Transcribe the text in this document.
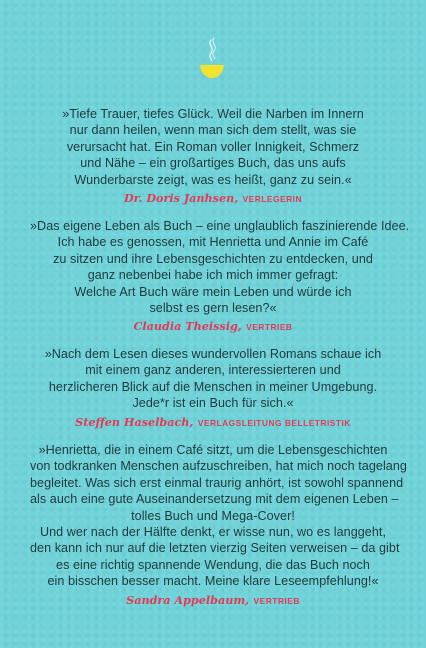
»Tiefe Trauer, tiefes Glück. Weil die Narben im Innern
nur dann heilen, wenn man sich dem stellt, was sie
verursacht hat. Ein Roman voller Innigkeit, Schmerz
und Nähe – ein großartiges Buch, das uns aufs
Wunderbarste zeigt, was es heißt, ganz zu sein.«

Dr. Doris Janhsen, VERLEGERIN

»Das eigene Leben als Buch – eine unglaublich faszinierende Idee.
Ich habe es genossen, mit Henrietta und Annie im Café
zu sitzen und ihre Lebensgeschichten zu entdecken, und
ganz nebenbei habe ich mich immer gefragt:
Welche Art Buch wäre mein Leben und würde ich
selbst es gern lesen?«

Claudia Theissig, VERTRIEB

»Nach dem Lesen dieses wundervollen Romans schaue ich
mit einem ganz anderen, interessierteren und
herzlicheren Blick auf die Menschen in meiner Umgebung.
Jede*r ist ein Buch für sich.«

Steffen Haselbach, VERLAGSLEITUNG BELLETRISTIK

»Henrietta, die in einem Café sitzt, um die Lebensgeschichten
von todkranken Menschen aufzuschreiben, hat mich noch tagelang
begleitet. Was sich erst einmal traurig anhört, ist sowohl spannend
als auch eine gute Auseinandersetzung mit dem eigenen Leben –
tolles Buch und Mega-Cover!
Und wer nach der Hälfte denkt, er wisse nun, wo es langgeht,
den kann ich nur auf die letzten vierzig Seiten verweisen – da gibt
es eine richtig spannende Wendung, die das Buch noch
ein bisschen besser macht. Meine klare Leseempfehlung!«

Sandra Appelbaum, VERTRIEB
